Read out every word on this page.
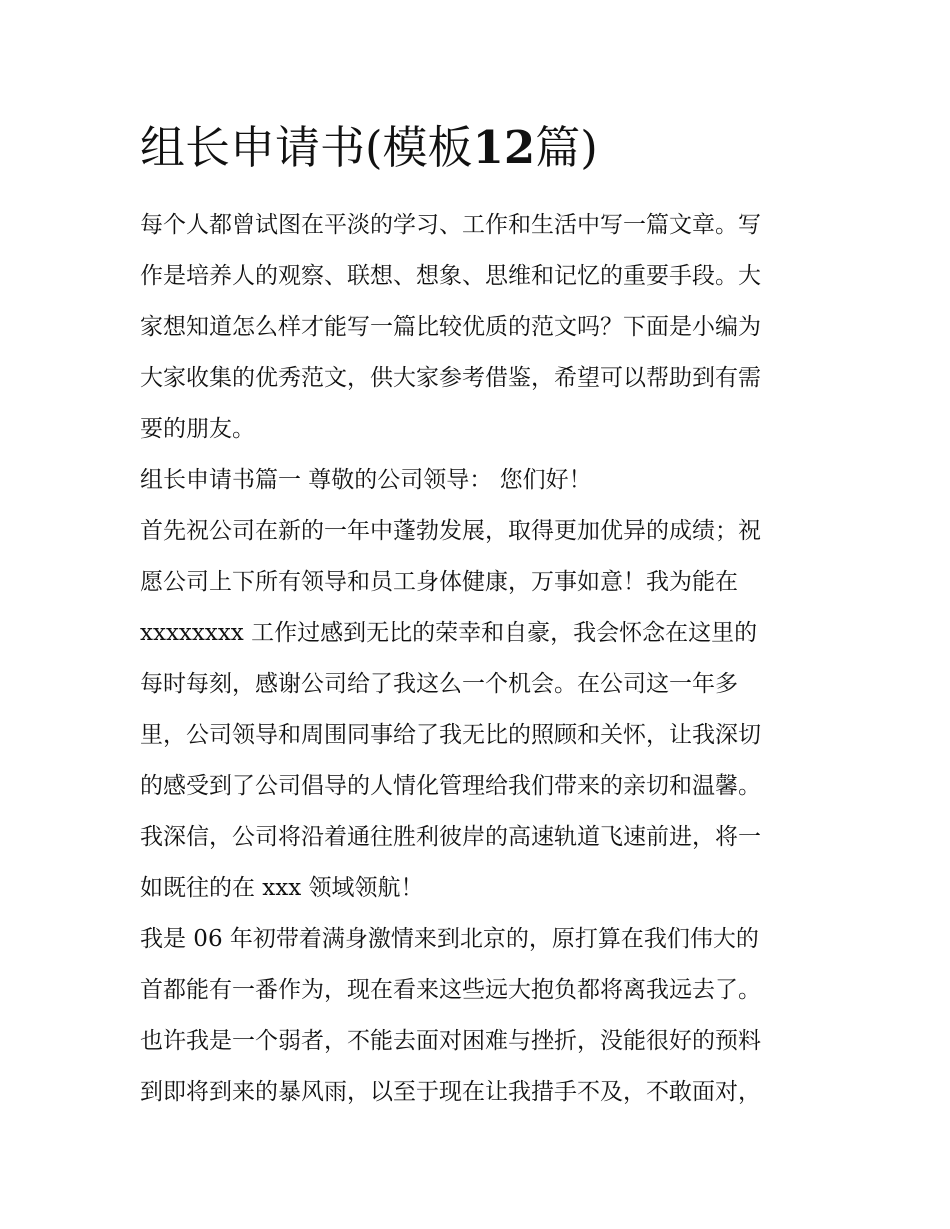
组长申请书(模板12篇)
每个人都曾试图在平淡的学习、工作和生活中写一篇文章。写
作是培养人的观察、联想、想象、思维和记忆的重要手段。大
家想知道怎么样才能写一篇比较优质的范文吗？下面是小编为
大家收集的优秀范文，供大家参考借鉴，希望可以帮助到有需
要的朋友。
组长申请书篇一 尊敬的公司领导： 您们好！
首先祝公司在新的一年中蓬勃发展，取得更加优异的成绩；祝
愿公司上下所有领导和员工身体健康，万事如意！我为能在
xxxxxxxx 工作过感到无比的荣幸和自豪，我会怀念在这里的
每时每刻，感谢公司给了我这么一个机会。在公司这一年多
里，公司领导和周围同事给了我无比的照顾和关怀，让我深切
的感受到了公司倡导的人情化管理给我们带来的亲切和温馨。
我深信，公司将沿着通往胜利彼岸的高速轨道飞速前进，将一
如既往的在 xxx 领域领航！
我是 06 年初带着满身激情来到北京的，原打算在我们伟大的
首都能有一番作为，现在看来这些远大抱负都将离我远去了。
也许我是一个弱者，不能去面对困难与挫折，没能很好的预料
到即将到来的暴风雨，以至于现在让我措手不及，不敢面对，
